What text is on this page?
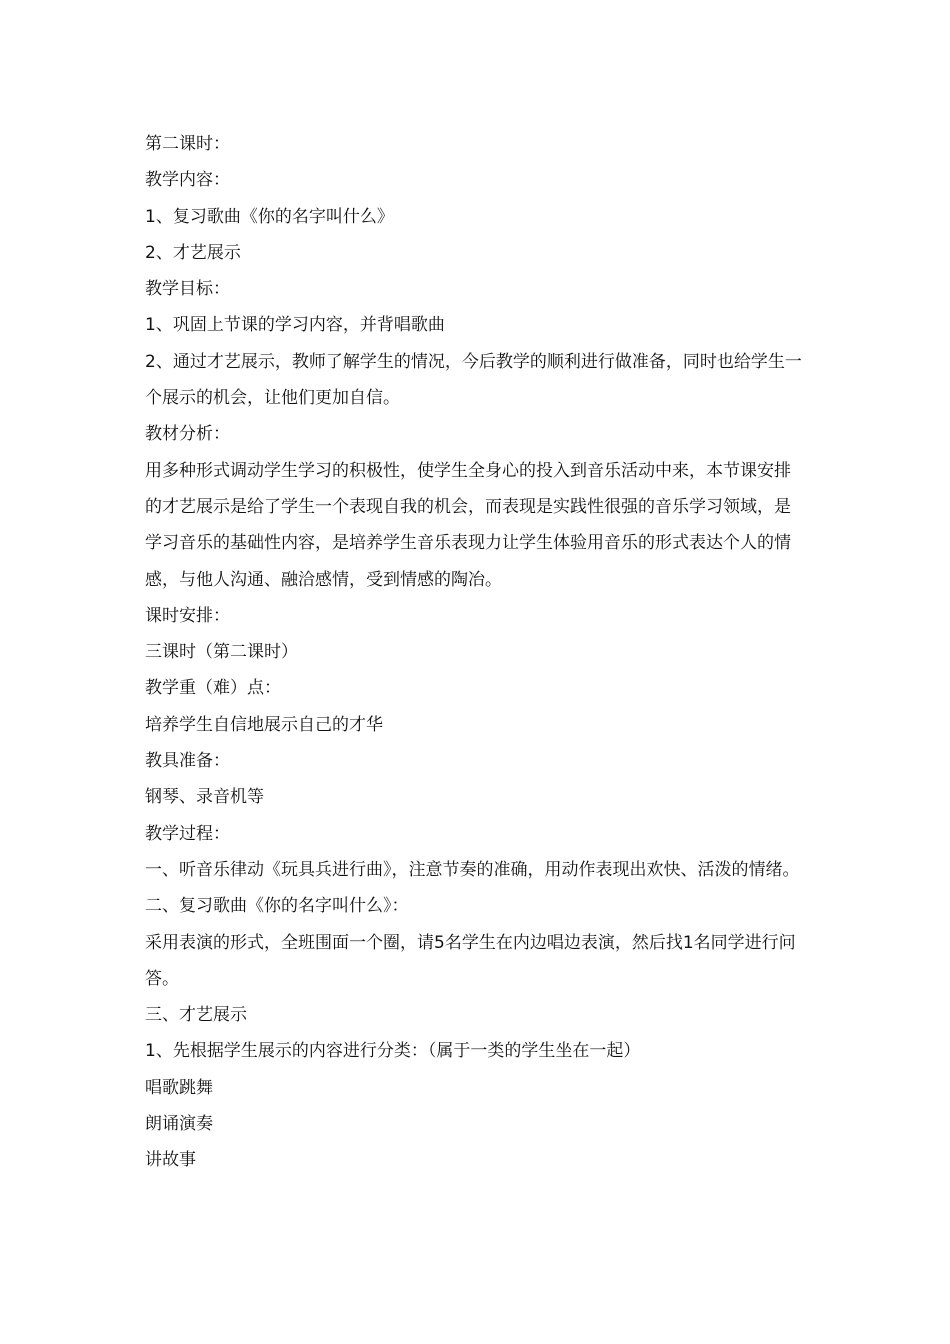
第二课时：

教学内容：

1、复习歌曲《你的名字叫什么》

2、才艺展示

教学目标：

1、巩固上节课的学习内容，并背唱歌曲

2、通过才艺展示，教师了解学生的情况，今后教学的顺利进行做准备，同时也给学生一个展示的机会，让他们更加自信。

教材分析：

用多种形式调动学生学习的积极性，使学生全身心的投入到音乐活动中来，本节课安排的才艺展示是给了学生一个表现自我的机会，而表现是实践性很强的音乐学习领域，是学习音乐的基础性内容，是培养学生音乐表现力让学生体验用音乐的形式表达个人的情感，与他人沟通、融洽感情，受到情感的陶冶。

课时安排：

三课时（第二课时）

教学重（难）点：

培养学生自信地展示自己的才华

教具准备：

钢琴、录音机等

教学过程：

一、听音乐律动《玩具兵进行曲》，注意节奏的准确，用动作表现出欢快、活泼的情绪。

二、复习歌曲《你的名字叫什么》：

采用表演的形式，全班围面一个圈，请5名学生在内边唱边表演，然后找1名同学进行问答。

三、才艺展示

1、先根据学生展示的内容进行分类：（属于一类的学生坐在一起）

唱歌跳舞

朗诵演奏

讲故事
